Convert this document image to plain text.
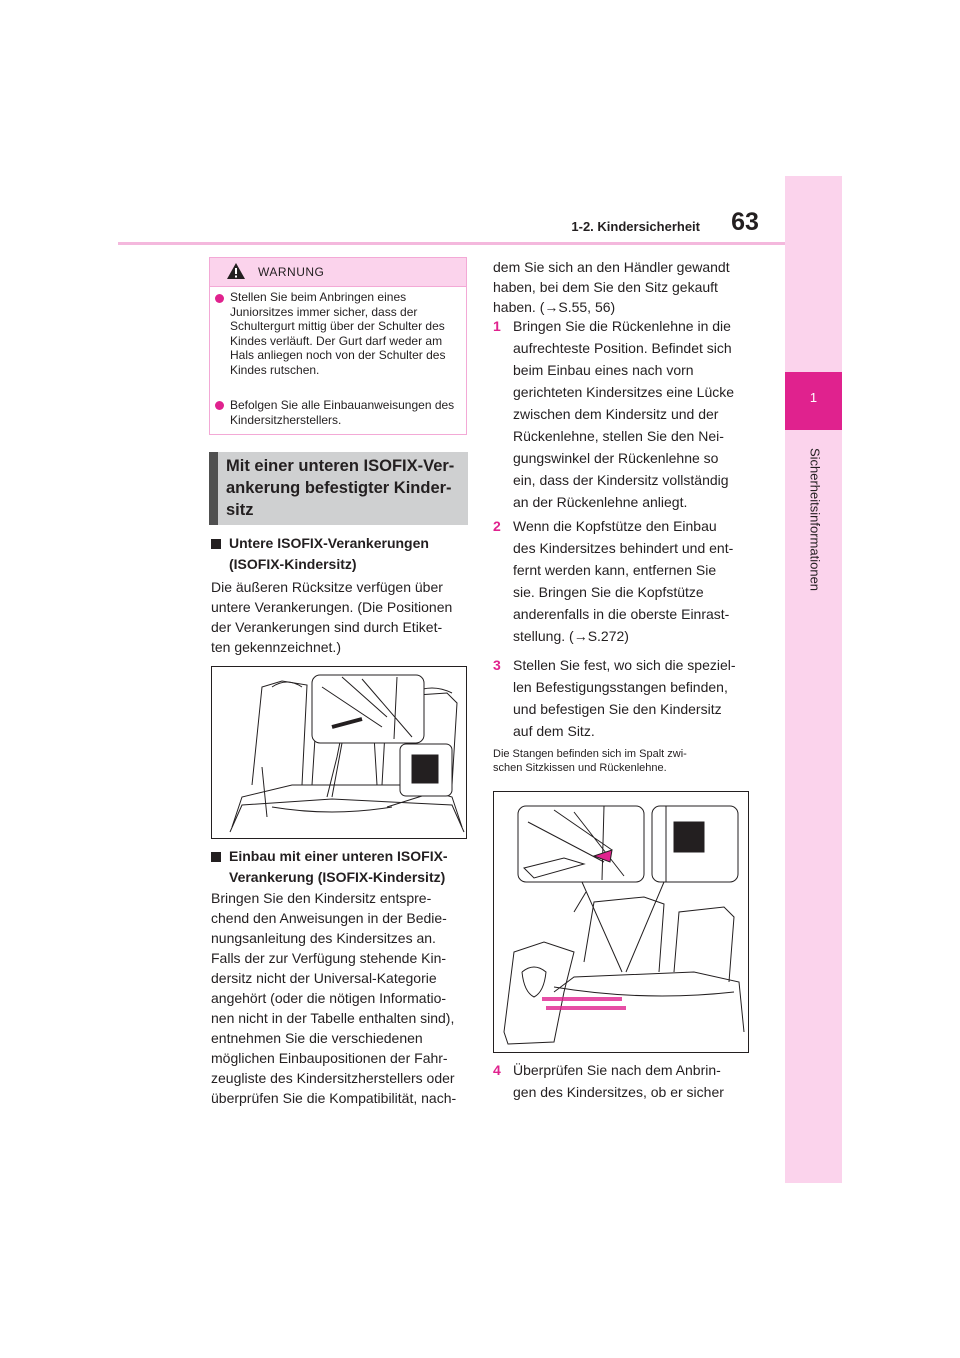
1-2. Kindersicherheit	63
1
Sicherheitsinformationen
WARNUNG
Stellen Sie beim Anbringen eines Juniorsitzes immer sicher, dass der Schultergurt mittig über der Schulter des Kindes verläuft. Der Gurt darf weder am Hals anliegen noch von der Schulter des Kindes rutschen.
Befolgen Sie alle Einbauanweisungen des Kindersitzherstellers.
Mit einer unteren ISOFIX-Ver-
ankerung befestigter Kinder-
sitz
Untere ISOFIX-Verankerungen
(ISOFIX-Kindersitz)
Die äußeren Rücksitze verfügen über
untere Verankerungen. (Die Positionen
der Verankerungen sind durch Etiket-
ten gekennzeichnet.)
Einbau mit einer unteren ISOFIX-
Verankerung (ISOFIX-Kindersitz)
Bringen Sie den Kindersitz entspre-
chend den Anweisungen in der Bedie-
nungsanleitung des Kindersitzes an.
Falls der zur Verfügung stehende Kin-
dersitz nicht der Universal-Kategorie
angehört (oder die nötigen Informatio-
nen nicht in der Tabelle enthalten sind),
entnehmen Sie die verschiedenen
möglichen Einbaupositionen der Fahr-
zeugliste des Kindersitzherstellers oder
überprüfen Sie die Kompatibilität, nach-
dem Sie sich an den Händler gewandt
haben, bei dem Sie den Sitz gekauft
haben. (→S.55, 56)
1 Bringen Sie die Rückenlehne in die
aufrechteste Position. Befindet sich
beim Einbau eines nach vorn
gerichteten Kindersitzes eine Lücke
zwischen dem Kindersitz und der
Rückenlehne, stellen Sie den Nei-
gungswinkel der Rückenlehne so
ein, dass der Kindersitz vollständig
an der Rückenlehne anliegt.
2 Wenn die Kopfstütze den Einbau
des Kindersitzes behindert und ent-
fernt werden kann, entfernen Sie
sie. Bringen Sie die Kopfstütze
anderenfalls in die oberste Einrast-
stellung. (→S.272)
3 Stellen Sie fest, wo sich die speziel-
len Befestigungsstangen befinden,
und befestigen Sie den Kindersitz
auf dem Sitz.
Die Stangen befinden sich im Spalt zwi-
schen Sitzkissen und Rückenlehne.
4 Überprüfen Sie nach dem Anbrin-
gen des Kindersitzes, ob er sicher
